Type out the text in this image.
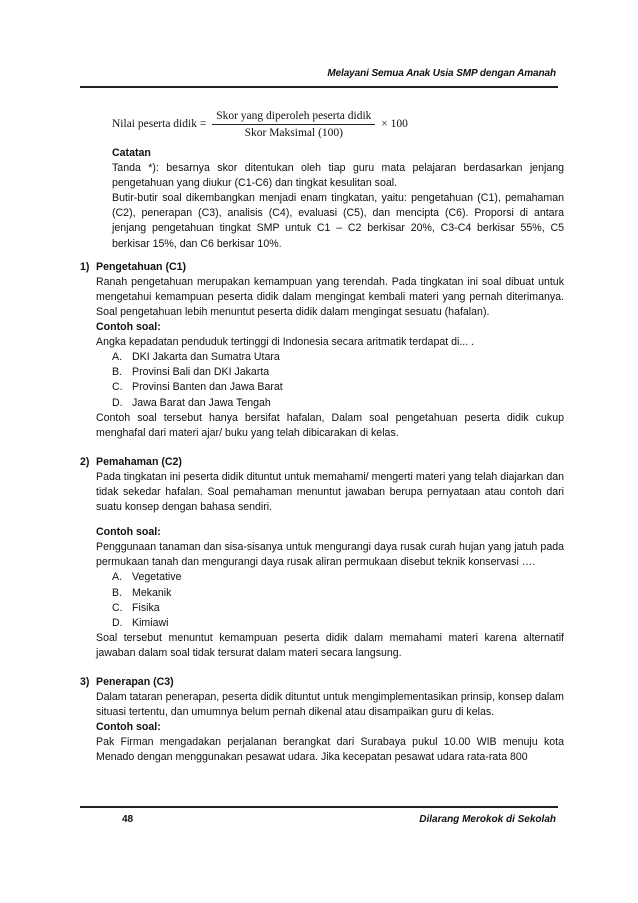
Melayani Semua Anak Usia SMP dengan Amanah
Nilai peserta didik = $\frac{\text{Skor yang diperoleh peserta didik}}{\text{Skor Maksimal (100)}} \times 100$

Catatan

Tanda *): besarnya skor ditentukan oleh tiap guru mata pelajaran berdasarkan jenjang pengetahuan yang diukur (C1-C6) dan tingkat kesulitan soal.

Butir-butir soal dikembangkan menjadi enam tingkatan, yaitu: pengetahuan (C1), pemahaman (C2), penerapan (C3), analisis (C4), evaluasi (C5), dan mencipta (C6). Proporsi di antara jenjang pengetahuan tingkat SMP untuk C1 – C2 berkisar 20%, C3-C4 berkisar 55%, C5 berkisar 15%, dan C6 berkisar 10%.

1) Pengetahuan (C1)

Ranah pengetahuan merupakan kemampuan yang terendah. Pada tingkatan ini soal dibuat untuk mengetahui kemampuan peserta didik dalam mengingat kembali materi yang pernah diterimanya. Soal pengetahuan lebih menuntut peserta didik dalam mengingat sesuatu (hafalan).

Contoh soal:

Angka kepadatan penduduk tertinggi di Indonesia secara aritmatik terdapat di... .

A. DKI Jakarta dan Sumatra Utara

B. Provinsi Bali dan DKI Jakarta

C. Provinsi Banten dan Jawa Barat

D. Jawa Barat dan Jawa Tengah

Contoh soal tersebut hanya bersifat hafalan, Dalam soal pengetahuan peserta didik cukup menghafal dari materi ajar/ buku yang telah dibicarakan di kelas.

2) Pemahaman (C2)

Pada tingkatan ini peserta didik dituntut untuk memahami/ mengerti materi yang telah diajarkan dan tidak sekedar hafalan. Soal pemahaman menuntut jawaban berupa pernyataan atau contoh dari suatu konsep dengan bahasa sendiri.

Contoh soal:

Penggunaan tanaman dan sisa-sisanya untuk mengurangi daya rusak curah hujan yang jatuh pada permukaan tanah dan mengurangi daya rusak aliran permukaan disebut teknik konservasi ….

A. Vegetative

B. Mekanik

C. Fisika

D. Kimiawi

Soal tersebut menuntut kemampuan peserta didik dalam memahami materi karena alternatif jawaban dalam soal tidak tersurat dalam materi secara langsung.

3) Penerapan (C3)

Dalam tataran penerapan, peserta didik dituntut untuk mengimplementasikan prinsip, konsep dalam situasi tertentu, dan umumnya belum pernah dikenal atau disampaikan guru di kelas.

Contoh soal:

Pak Firman mengadakan perjalanan berangkat dari Surabaya pukul 10.00 WIB menuju kota Menado dengan menggunakan pesawat udara. Jika kecepatan pesawat udara rata-rata 800

48	Dilarang Merokok di Sekolah
